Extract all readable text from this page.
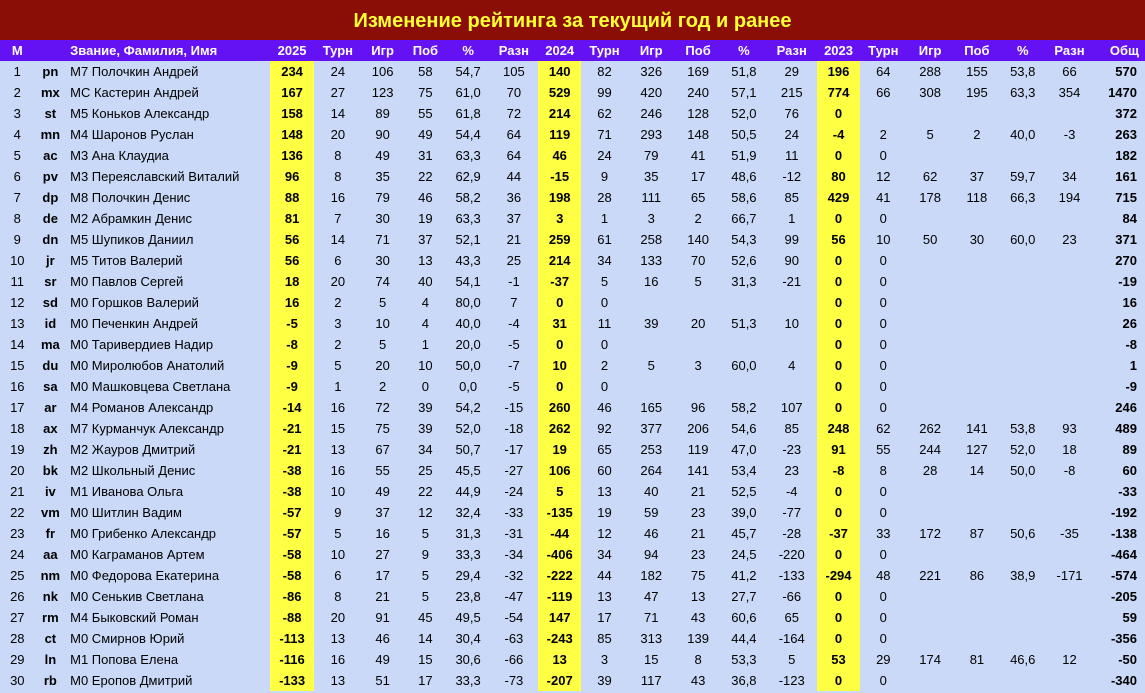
Изменение рейтинга за текущий год и ранее
М		Звание, Фамилия, Имя	2025	Турн	Игр	Поб	%	Разн	2024	Турн	Игр	Поб	%	Разн	2023	Турн	Игр	Поб	%	Разн	Общ
1	pn	M7 Полочкин Андрей	234	24	106	58	54,7	105	140	82	326	169	51,8	29	196	64	288	155	53,8	66	570
2	mx	MC Кастерин Андрей	167	27	123	75	61,0	70	529	99	420	240	57,1	215	774	66	308	195	63,3	354	1470
3	st	M5 Коньков Александр	158	14	89	55	61,8	72	214	62	246	128	52,0	76	0						372
4	mn	M4 Шаронов Руслан	148	20	90	49	54,4	64	119	71	293	148	50,5	24	-4	2	5	2	40,0	-3	263
5	ac	M3 Ана Клаудиа	136	8	49	31	63,3	64	46	24	79	41	51,9	11	0	0					182
6	pv	M3 Переяславский Виталий	96	8	35	22	62,9	44	-15	9	35	17	48,6	-12	80	12	62	37	59,7	34	161
7	dp	M8 Полочкин Денис	88	16	79	46	58,2	36	198	28	111	65	58,6	85	429	41	178	118	66,3	194	715
8	de	M2 Абрамкин Денис	81	7	30	19	63,3	37	3	1	3	2	66,7	1	0	0					84
9	dn	M5 Шупиков Даниил	56	14	71	37	52,1	21	259	61	258	140	54,3	99	56	10	50	30	60,0	23	371
10	jr	M5 Титов Валерий	56	6	30	13	43,3	25	214	34	133	70	52,6	90	0	0					270
11	sr	M0 Павлов Сергей	18	20	74	40	54,1	-1	-37	5	16	5	31,3	-21	0	0					-19
12	sd	M0 Горшков Валерий	16	2	5	4	80,0	7	0	0					0	0					16
13	id	M0 Печенкин Андрей	-5	3	10	4	40,0	-4	31	11	39	20	51,3	10	0	0					26
14	ma	M0 Таривердиев Надир	-8	2	5	1	20,0	-5	0	0					0	0					-8
15	du	M0 Миролюбов Анатолий	-9	5	20	10	50,0	-7	10	2	5	3	60,0	4	0	0					1
16	sa	M0 Машковцева Светлана	-9	1	2	0	0,0	-5	0	0					0	0					-9
17	ar	M4 Романов Александр	-14	16	72	39	54,2	-15	260	46	165	96	58,2	107	0	0					246
18	ax	M7 Курманчук Александр	-21	15	75	39	52,0	-18	262	92	377	206	54,6	85	248	62	262	141	53,8	93	489
19	zh	M2 Жауров Дмитрий	-21	13	67	34	50,7	-17	19	65	253	119	47,0	-23	91	55	244	127	52,0	18	89
20	bk	M2 Школьный Денис	-38	16	55	25	45,5	-27	106	60	264	141	53,4	23	-8	8	28	14	50,0	-8	60
21	iv	M1 Иванова Ольга	-38	10	49	22	44,9	-24	5	13	40	21	52,5	-4	0	0					-33
22	vm	M0 Шитлин Вадим	-57	9	37	12	32,4	-33	-135	19	59	23	39,0	-77	0	0					-192
23	fr	M0 Грибенко Александр	-57	5	16	5	31,3	-31	-44	12	46	21	45,7	-28	-37	33	172	87	50,6	-35	-138
24	aa	M0 Каграманов Артем	-58	10	27	9	33,3	-34	-406	34	94	23	24,5	-220	0	0					-464
25	nm	M0 Федорова Екатерина	-58	6	17	5	29,4	-32	-222	44	182	75	41,2	-133	-294	48	221	86	38,9	-171	-574
26	nk	M0 Сенькив Светлана	-86	8	21	5	23,8	-47	-119	13	47	13	27,7	-66	0	0					-205
27	rm	M4 Быковский Роман	-88	20	91	45	49,5	-54	147	17	71	43	60,6	65	0	0					59
28	ct	M0 Смирнов Юрий	-113	13	46	14	30,4	-63	-243	85	313	139	44,4	-164	0	0					-356
29	ln	M1 Попова Елена	-116	16	49	15	30,6	-66	13	3	15	8	53,3	5	53	29	174	81	46,6	12	-50
30	rb	M0 Еропов Дмитрий	-133	13	51	17	33,3	-73	-207	39	117	43	36,8	-123	0	0					-340
